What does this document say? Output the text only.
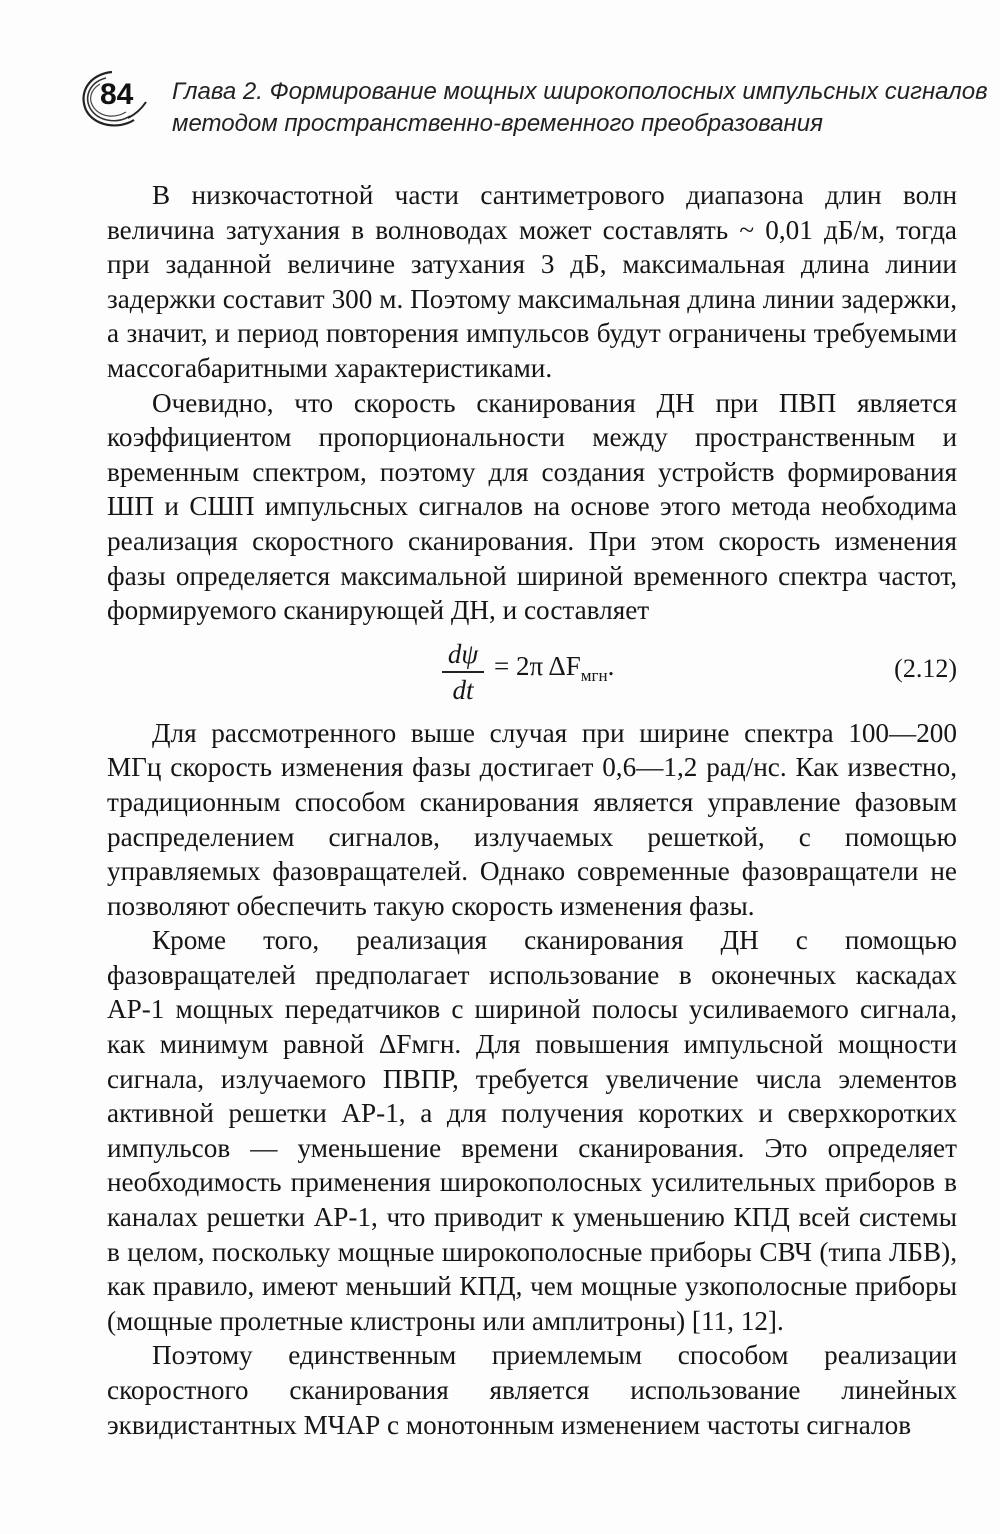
84 Глава 2. Формирование мощных широкополосных импульсных сигналов
методом пространственно-временного преобразования

В низкочастотной части сантиметрового диапазона длин волн величина затухания в волноводах может составлять ~ 0,01 дБ/м, тогда при заданной величине затухания 3 дБ, максимальная длина линии задержки составит 300 м. Поэтому максимальная длина линии задержки, а значит, и период повторения импульсов будут ограничены требуемыми массогабаритными характеристиками.

Очевидно, что скорость сканирования ДН при ПВП является коэффициентом пропорциональности между пространственным и временным спектром, поэтому для создания устройств формирования ШП и СШП импульсных сигналов на основе этого метода необходима реализация скоростного сканирования. При этом скорость изменения фазы определяется максимальной шириной временного спектра частот, формируемого сканирующей ДН, и составляет

$\frac{d\psi}{dt} = 2\pi$ $\Delta F_{мгн}$.	(2.12)

Для рассмотренного выше случая при ширине спектра 100—200 МГц скорость изменения фазы достигает 0,6—1,2 рад/нс. Как известно, традиционным способом сканирования является управление фазовым распределением сигналов, излучаемых решеткой, с помощью управляемых фазовращателей. Однако современные фазовращатели не позволяют обеспечить такую скорость изменения фазы.

Кроме того, реализация сканирования ДН с помощью фазовращателей предполагает использование в оконечных каскадах АР-1 мощных передатчиков с шириной полосы усиливаемого сигнала, как минимум равной ΔFмгн. Для повышения импульсной мощности сигнала, излучаемого ПВПР, требуется увеличение числа элементов активной решетки АР-1, а для получения коротких и сверхкоротких импульсов — уменьшение времени сканирования. Это определяет необходимость применения широкополосных усилительных приборов в каналах решетки АР-1, что приводит к уменьшению КПД всей системы в целом, поскольку мощные широкополосные приборы СВЧ (типа ЛБВ), как правило, имеют меньший КПД, чем мощные узкополосные приборы (мощные пролетные клистроны или амплитроны) [11, 12].

Поэтому единственным приемлемым способом реализации скоростного сканирования является использование линейных эквидистантных МЧАР с монотонным изменением частоты сигналов
